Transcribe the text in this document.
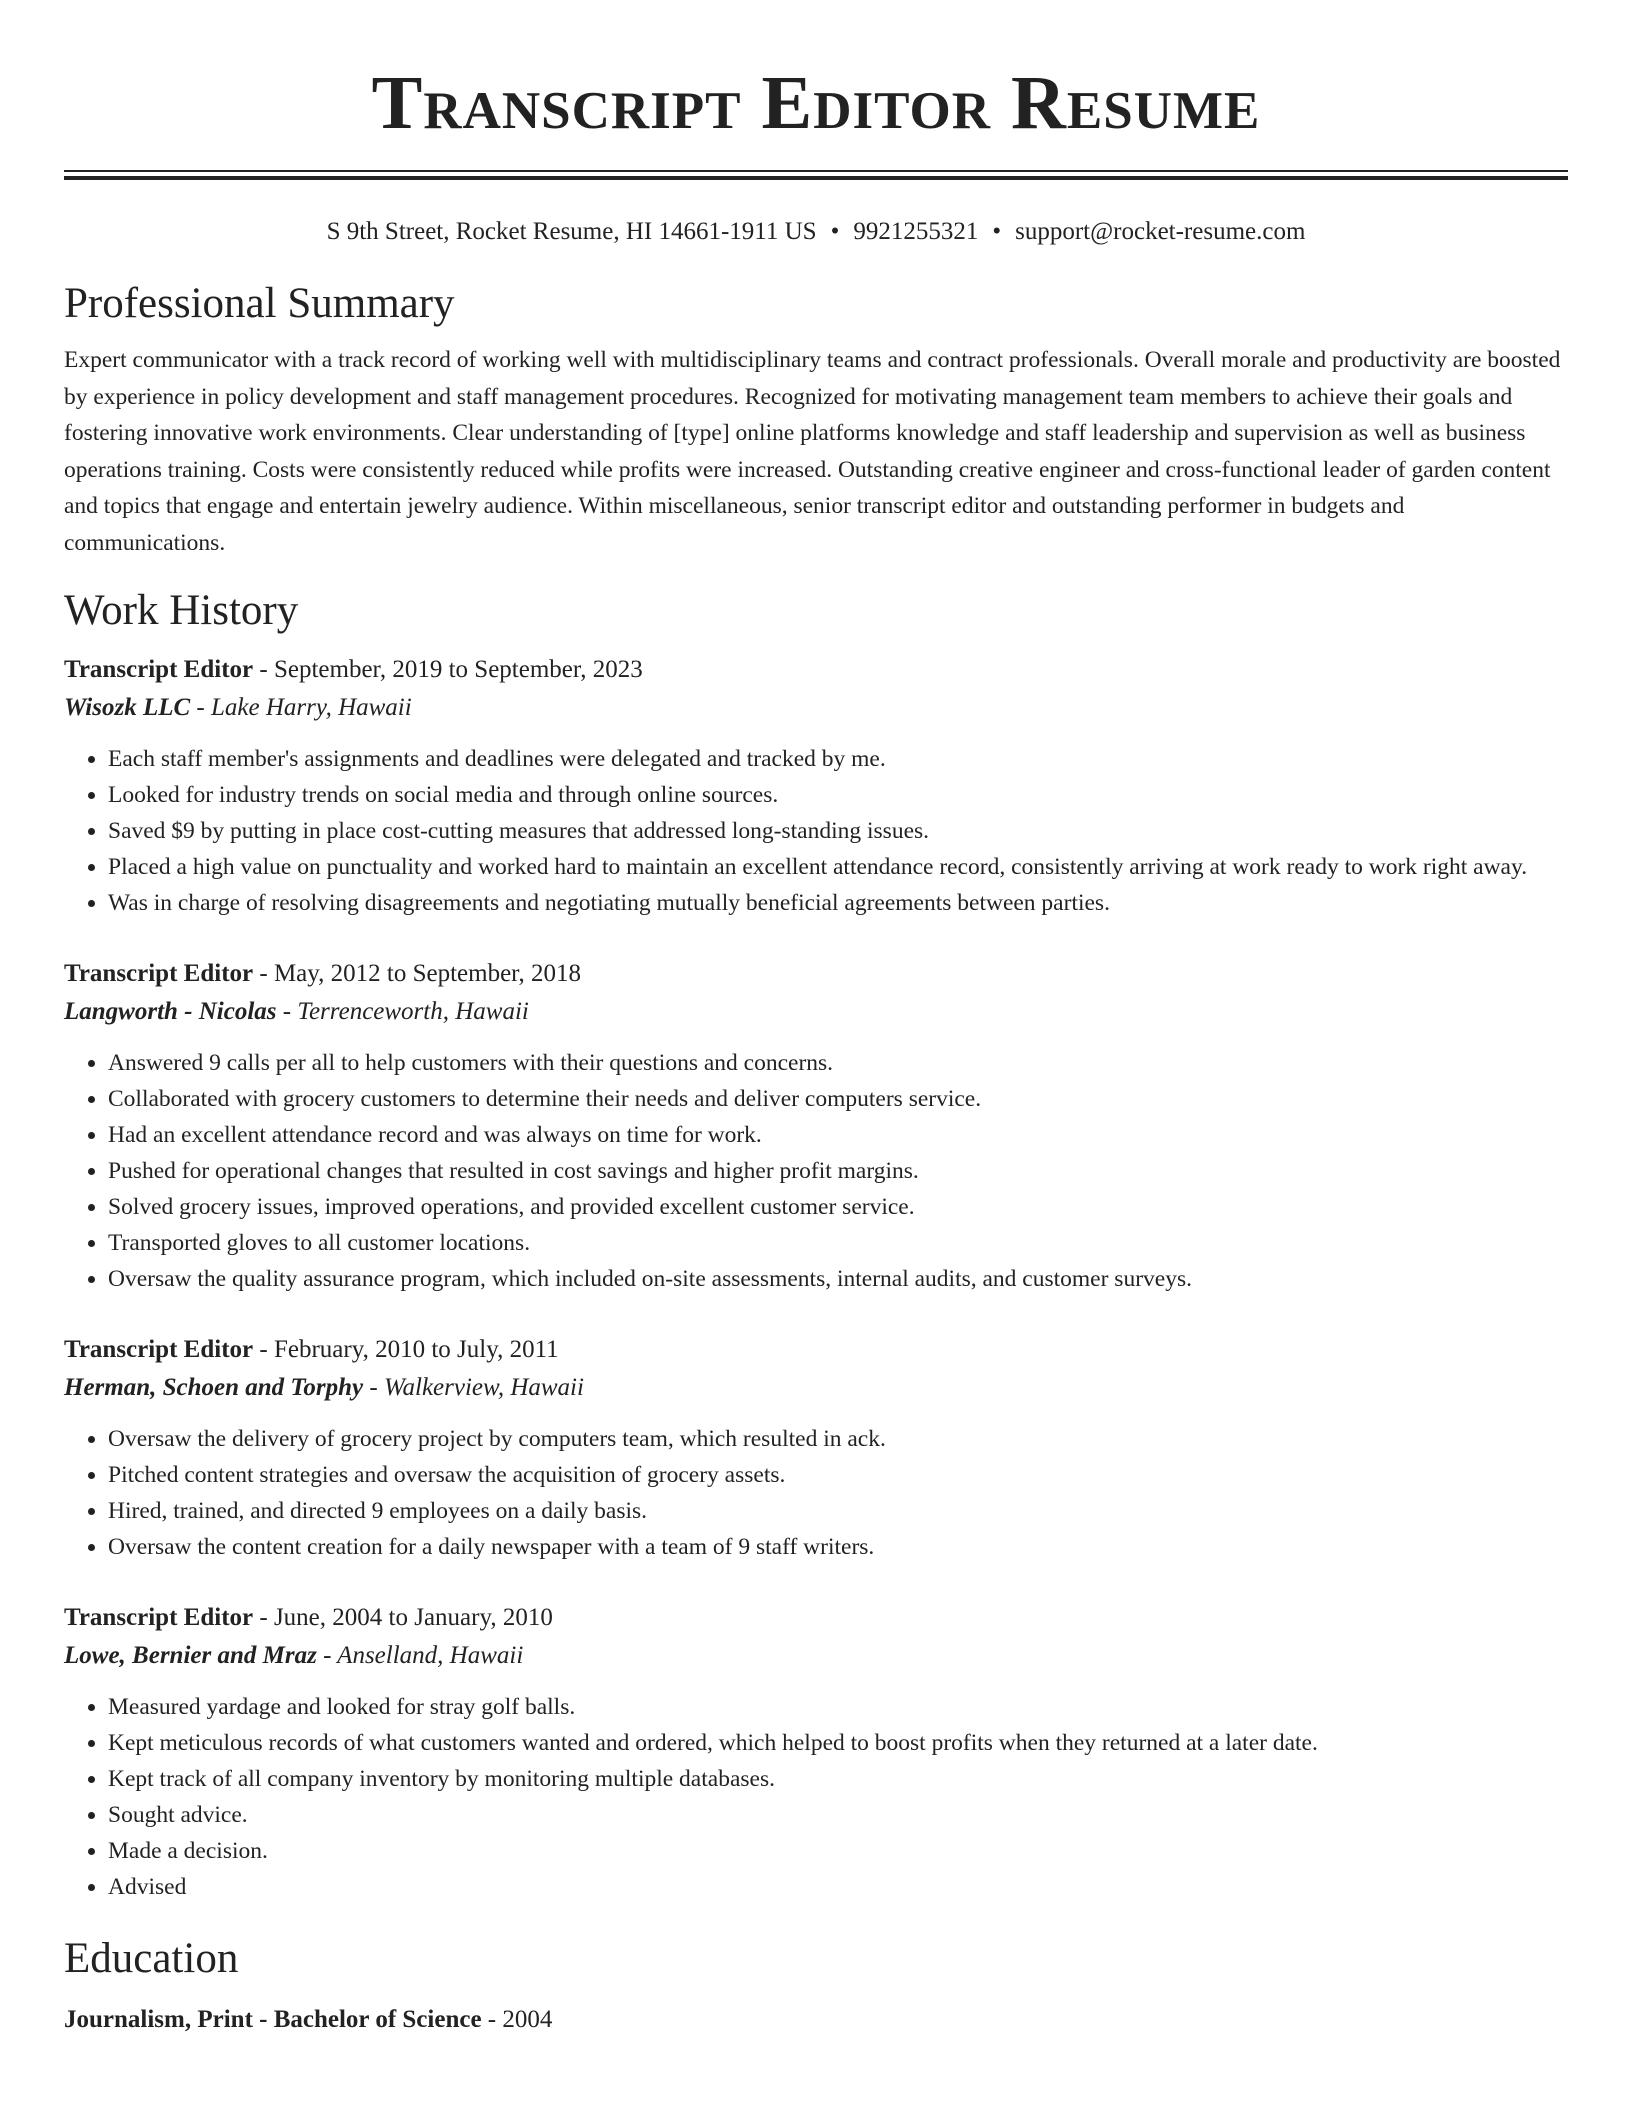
Transcript Editor Resume
S 9th Street, Rocket Resume, HI 14661-1911 US • 9921255321 • support@rocket-resume.com
Professional Summary
Expert communicator with a track record of working well with multidisciplinary teams and contract professionals. Overall morale and productivity are boosted by experience in policy development and staff management procedures. Recognized for motivating management team members to achieve their goals and fostering innovative work environments. Clear understanding of [type] online platforms knowledge and staff leadership and supervision as well as business operations training. Costs were consistently reduced while profits were increased. Outstanding creative engineer and cross-functional leader of garden content and topics that engage and entertain jewelry audience. Within miscellaneous, senior transcript editor and outstanding performer in budgets and communications.
Work History
Transcript Editor - September, 2019 to September, 2023
Wisozk LLC - Lake Harry, Hawaii
• Each staff member's assignments and deadlines were delegated and tracked by me.
• Looked for industry trends on social media and through online sources.
• Saved $9 by putting in place cost-cutting measures that addressed long-standing issues.
• Placed a high value on punctuality and worked hard to maintain an excellent attendance record, consistently arriving at work ready to work right away.
• Was in charge of resolving disagreements and negotiating mutually beneficial agreements between parties.
Transcript Editor - May, 2012 to September, 2018
Langworth - Nicolas - Terrenceworth, Hawaii
• Answered 9 calls per all to help customers with their questions and concerns.
• Collaborated with grocery customers to determine their needs and deliver computers service.
• Had an excellent attendance record and was always on time for work.
• Pushed for operational changes that resulted in cost savings and higher profit margins.
• Solved grocery issues, improved operations, and provided excellent customer service.
• Transported gloves to all customer locations.
• Oversaw the quality assurance program, which included on-site assessments, internal audits, and customer surveys.
Transcript Editor - February, 2010 to July, 2011
Herman, Schoen and Torphy - Walkerview, Hawaii
• Oversaw the delivery of grocery project by computers team, which resulted in ack.
• Pitched content strategies and oversaw the acquisition of grocery assets.
• Hired, trained, and directed 9 employees on a daily basis.
• Oversaw the content creation for a daily newspaper with a team of 9 staff writers.
Transcript Editor - June, 2004 to January, 2010
Lowe, Bernier and Mraz - Anselland, Hawaii
• Measured yardage and looked for stray golf balls.
• Kept meticulous records of what customers wanted and ordered, which helped to boost profits when they returned at a later date.
• Kept track of all company inventory by monitoring multiple databases.
• Sought advice.
• Made a decision.
• Advised
Education
Journalism, Print - Bachelor of Science - 2004
